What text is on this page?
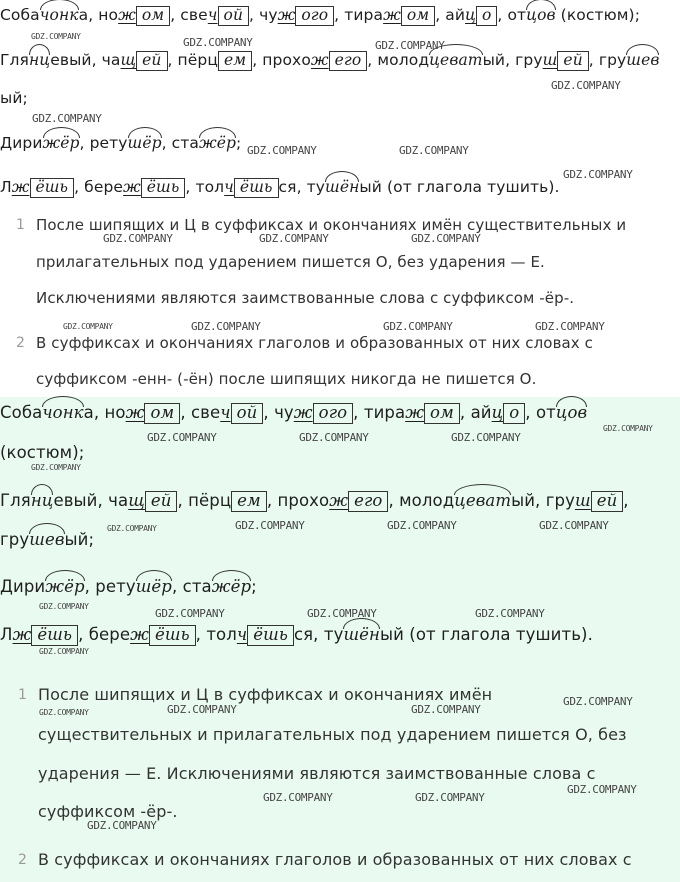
Собачонка, нож ом , свеч ой , чуж ого , тираж ом , айц о , отцов (костюм);
Глянцевый, чащ ей , пёрц ем , прохож его , молодцеватый, груш ей , грушев
ый;
Дирижёр, ретушёр, стажёр;
Лж ёшь , береж ёшь , толч ёшь ся, тушёный (от глагола тушить).
1 После шипящих и Ц в суффиксах и окончаниях имён существительных и
прилагательных под ударением пишется О, без ударения — Е.
Исключениями являются заимствованные слова с суффиксом -ёр-.
2 В суффиксах и окончаниях глаголов и образованных от них словах с
суффиксом -енн- (-ён) после шипящих никогда не пишется О.
GDZ.COMPANY	GDZ.COMPANY	GDZ.COMPANY
GDZ.COMPANY
GDZ.COMPANY
GDZ.COMPANY	GDZ.COMPANY
GDZ.COMPANY
GDZ.COMPANY	GDZ.COMPANY	GDZ.COMPANY
GDZ.COMPANY	GDZ.COMPANY	GDZ.COMPANY	GDZ.COMPANY
Собачонка, нож ом , свеч ой , чуж ого , тираж ом , айц о , отцов
(костюм);
Глянцевый, чащ ей , пёрц ем , прохож его , молодцеватый, груш ей ,
грушевый;
Дирижёр, ретушёр, стажёр;
Лж ёшь , береж ёшь , толч ёшь ся, тушёный (от глагола тушить).
1 После шипящих и Ц в суффиксах и окончаниях имён
существительных и прилагательных под ударением пишется О, без
ударения — Е. Исключениями являются заимствованные слова с
суффиксом -ёр-.
2 В суффиксах и окончаниях глаголов и образованных от них словах с
GDZ.COMPANY
GDZ.COMPANY	GDZ.COMPANY	GDZ.COMPANY
GDZ.COMPANY
GDZ.COMPANY	GDZ.COMPANY	GDZ.COMPANY	GDZ.COMPANY
GDZ.COMPANY
GDZ.COMPANY	GDZ.COMPANY	GDZ.COMPANY
GDZ.COMPANY
GDZ.COMPANY
GDZ.COMPANY	GDZ.COMPANY	GDZ.COMPANY
GDZ.COMPANY
GDZ.COMPANY	GDZ.COMPANY
GDZ.COMPANY
